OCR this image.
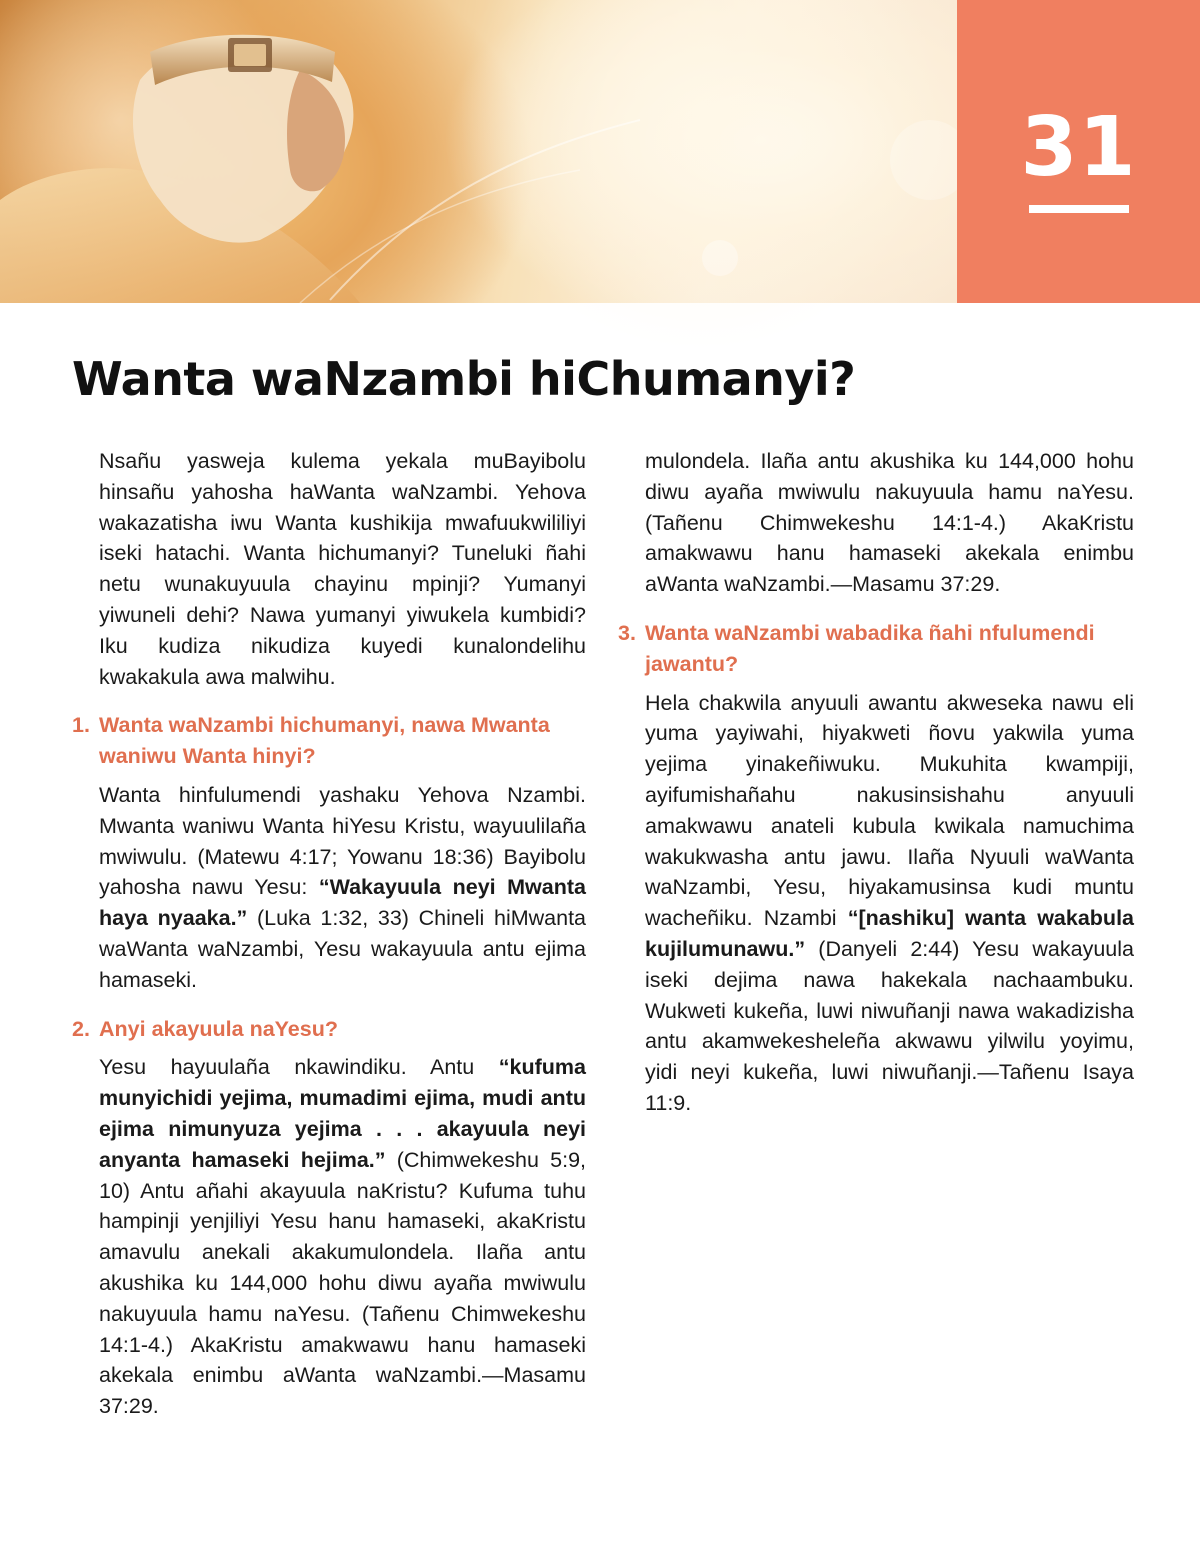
31
Wanta waNzambi hiChumanyi?

Nsañu yasweja kulema yekala muBayibolu hinsañu yahosha haWanta waNzambi. Yehova wakazatisha iwu Wanta kushikija mwafuukwililiyi iseki hatachi. Wanta hichumanyi? Tuneluki ñahi netu wunakuyuula chayinu mpinji? Yumanyi yiwuneli dehi? Nawa yumanyi yiwukela kumbidi? Iku kudiza nikudiza kuyedi kunalondelihu kwakakula awa malwihu.

1. Wanta waNzambi hichumanyi, nawa Mwanta waniwu Wanta hinyi?

Wanta hinfulumendi yashaku Yehova Nzambi. Mwanta waniwu Wanta hiYesu Kristu, wayuulilaña mwiwulu. (Matewu 4:17; Yowanu 18:36) Bayibolu yahosha nawu Yesu: “Wakayuula neyi Mwanta haya nyaaka.” (Luka 1:32, 33) Chineli hiMwanta waWanta waNzambi, Yesu wakayuula antu ejima hamaseki.

2. Anyi akayuula naYesu?

Yesu hayuulaña nkawindiku. Antu “kufuma munyichidi yejima, mumadimi ejima, mudi antu ejima nimunyuza yejima . . . akayuula neyi anyanta hamaseki hejima.” (Chimwekeshu 5:9, 10) Antu añahi akayuula naKristu? Kufuma tuhu hampinji yenjiliyi Yesu hanu hamaseki, akaKristu amavulu anekali akakumulondela. Ilaña antu akushika ku 144,000 hohu diwu ayaña mwiwulu nakuyuula hamu naYesu. (Tañenu Chimwekeshu 14:1-4.) AkaKristu amakwawu hanu hamaseki akekala enimbu aWanta waNzambi.—Masamu 37:29.

mulondela. Ilaña antu akushika ku 144,000 hohu diwu ayaña mwiwulu nakuyuula hamu naYesu. (Tañenu Chimwekeshu 14:1-4.) AkaKristu amakwawu hanu hamaseki akekala enimbu aWanta waNzambi.—Masamu 37:29.

3. Wanta waNzambi wabadika ñahi nfulumendi jawantu?

Hela chakwila anyuuli awantu akweseka nawu eli yuma yayiwahi, hiyakweti ñovu yakwila yuma yejima yinakeñiwuku. Mukuhita kwampiji, ayifumishañahu nakusinsishahu anyuuli amakwawu anateli kubula kwikala namuchima wakukwasha antu jawu. Ilaña Nyuuli waWanta waNzambi, Yesu, hiyakamusinsa kudi muntu wacheñiku. Nzambi “[nashiku] wanta wakabula kujilumunawu.” (Danyeli 2:44) Yesu wakayuula iseki dejima nawa hakekala nachaambuku. Wukweti kukeña, luwi niwuñanji nawa wakadizisha antu akamwekesheleña akwawu yilwilu yoyimu, yidi neyi kukeña, luwi niwuñanji.—Tañenu Isaya 11:9.
